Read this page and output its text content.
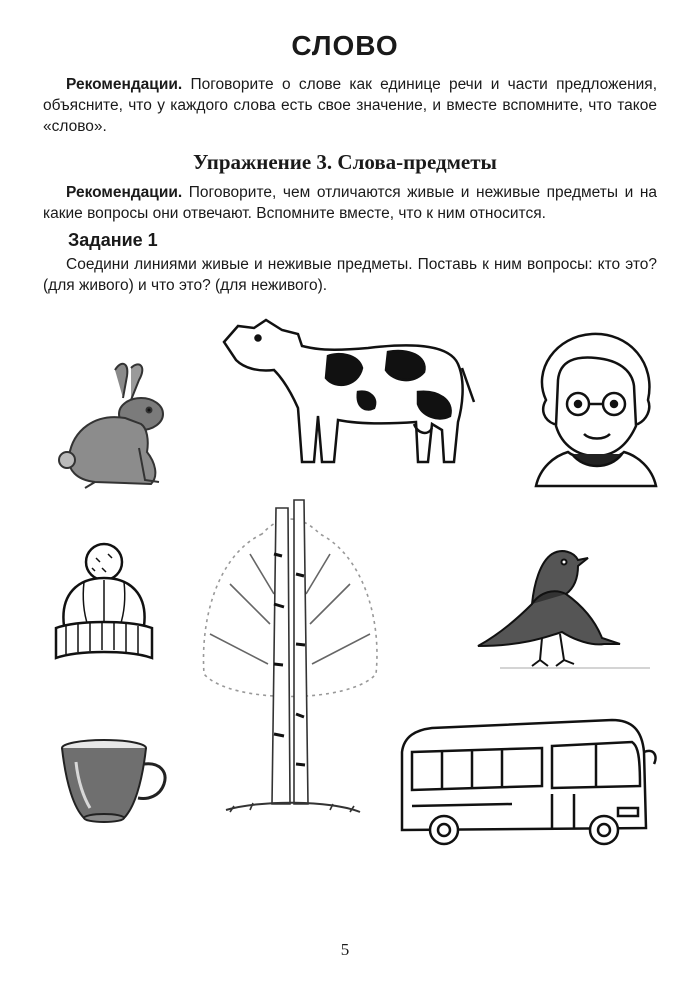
СЛОВО
Рекомендации. Поговорите о слове как единице речи и части предложения, объясните, что у каждого слова есть свое значение, и вместе вспомните, что такое «слово».
Упражнение 3. Слова-предметы
Рекомендации. Поговорите, чем отличаются живые и неживые предметы и на какие вопросы они отвечают. Вспомните вместе, что к ним относится.
Задание 1
Соедини линиями живые и неживые предметы. Поставь к ним вопросы: кто это? (для живого) и что это? (для неживого).
5
